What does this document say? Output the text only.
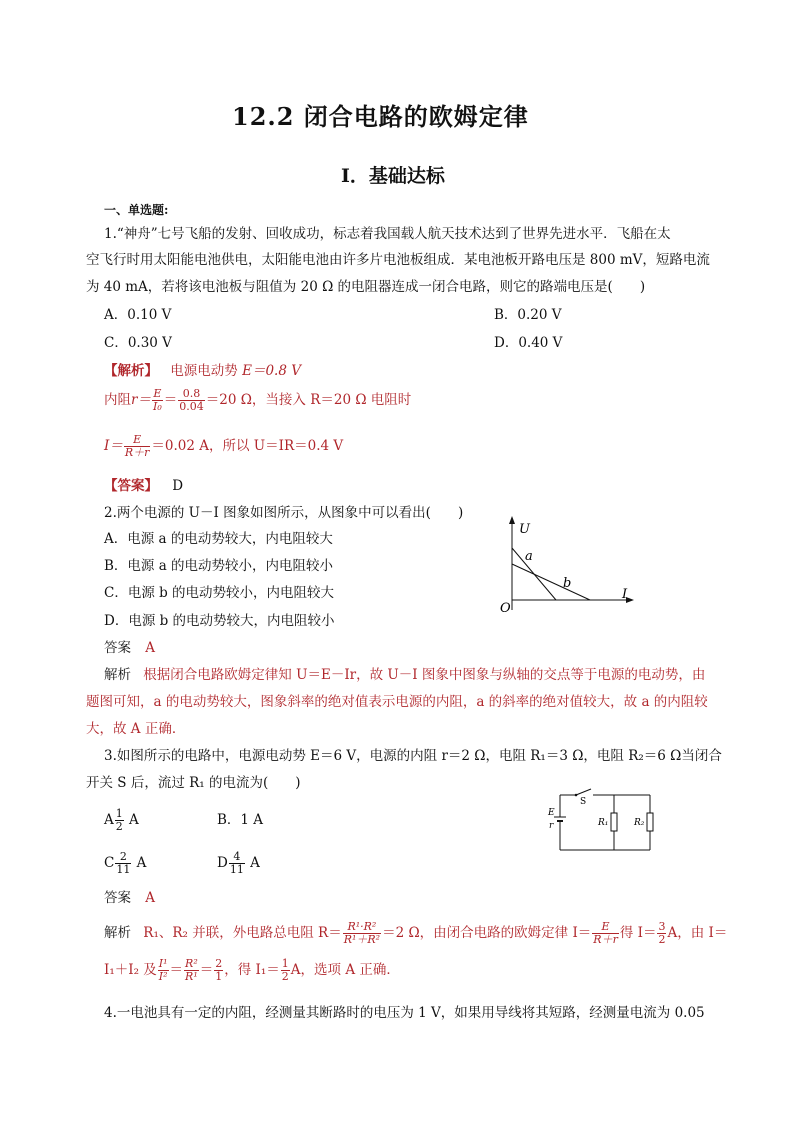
12.2 闭合电路的欧姆定律
Ⅰ．基础达标
一、单选题:
1.“神舟”七号飞船的发射、回收成功，标志着我国载人航天技术达到了世界先进水平．飞船在太
空飞行时用太阳能电池供电，太阳能电池由许多片电池板组成．某电池板开路电压是 800 mV，短路电流
为 40 mA，若将该电池板与阻值为 20 Ω 的电阻器连成一闭合电路，则它的路端电压是(　　)
A．0.10 V	B．0.20 V
C．0.30 V	D．0.40 V
【解析】 电源电动势 E＝0.8 V
内阻$r= \frac{E}{\text{I₀}} = \frac{0.8}{0.04} =20$ Ω，当接入 R＝20 Ω 电阻时
$I= \frac{E}{R+r} =0.02$ A，所以 U＝IR＝0.4 V
【答案】 D
2.两个电源的 U－I 图象如图所示，从图象中可以看出(　　)
A．电源 a 的电动势较大，内电阻较大
B．电源 a 的电动势较小，内电阻较小
C．电源 b 的电动势较小，内电阻较大
D．电源 b 的电动势较大，内电阻较小
U
I
O
a
b
答案 A
解析 根据闭合电路欧姆定律知 U＝E－Ir，故 U－I 图象中图象与纵轴的交点等于电源的电动势，由
题图可知，a 的电动势较大，图象斜率的绝对值表示电源的内阻，a 的斜率的绝对值较大，故 a 的内阻较
大，故 A 正确．
3.如图所示的电路中，电源电动势 E＝6 V，电源的内阻 r＝2 Ω，电阻 R₁＝3 Ω，电阻 R₂＝6 Ω当闭合
开关 S 后，流过 R₁ 的电流为(　　)
A $\frac{1}{2}$ A	B．1 A
C $\frac{2}{11}$ A	D $\frac{4}{11}$ A
E
r
S
R₁	R₂
答案 A
解析 R₁、R₂ 并联，外电路总电阻 $R= \frac{\text{R¹·R²}}{\text{R¹＋R²}} =2$ Ω，由闭合电路的欧姆定律 $I= \frac{E}{R+r}$ 得 $I= \frac{3}{2}$ A，由 I＝
I₁＋I₂ 及 $\frac{\text{I¹}}{\text{I²}} = \frac{\text{R²}}{\text{R¹}} = \frac{2}{1}$ ，得 $I_1= \frac{1}{2}$ A，选项 A 正确．
4.一电池具有一定的内阻，经测量其断路时的电压为 1 V，如果用导线将其短路，经测量电流为 0.05
